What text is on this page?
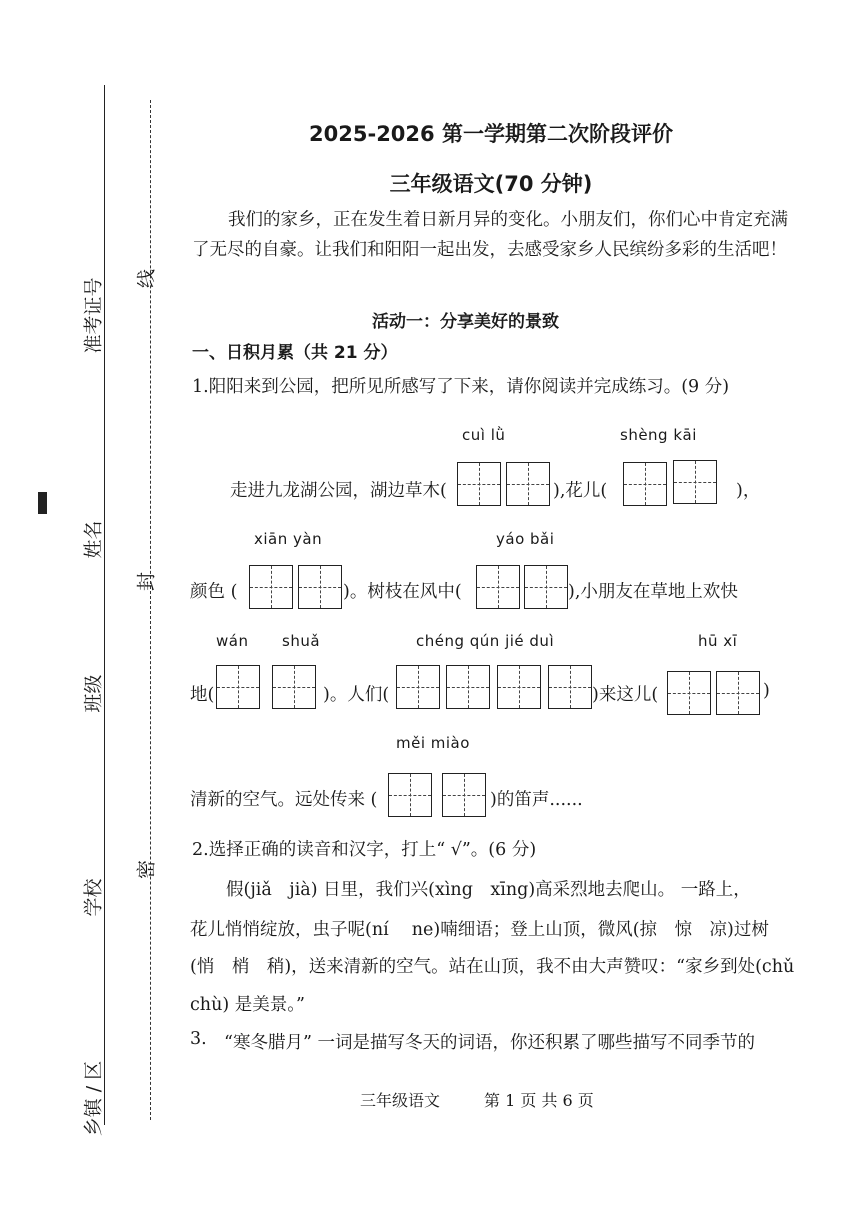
准考证号
姓名
班级
学校
乡镇 / 区
线
封
密
2025-2026 第一学期第二次阶段评价
三年级语文(70 分钟)
我们的家乡，正在发生着日新月异的变化。小朋友们，你们心中肯定充满了无尽的自豪。让我们和阳阳一起出发，去感受家乡人民缤纷多彩的生活吧！
活动一：分享美好的景致
一、日积月累（共 21 分）
1.阳阳来到公园，把所见所感写了下来，请你阅读并完成练习。(9 分)
cuì lǜ	shèng kāi
走进九龙湖公园，湖边草木(	),花儿(	)，
xiān yàn	yáo bǎi
颜色 (	)。树枝在风中(	),小朋友在草地上欢快
wán shuǎ	chéng qún jié duì	hū xī
地(	)。人们(	)来这儿(	)
měi miào
清新的空气。远处传来 (	)的笛声......
2.选择正确的读音和汉字，打上“ √”。(6 分)
假(jiǎ　jià) 日里，我们兴(xìng　xīng)高采烈地去爬山。 一路上，
花儿悄悄绽放，虫子呢(ní　 ne)喃细语；登上山顶，微风(掠　惊　凉)过树
(悄　梢　稍)，送来清新的空气。站在山顶，我不由大声赞叹：“家乡到处(chǔ
chù) 是美景。”
3. “寒冬腊月” 一词是描写冬天的词语，你还积累了哪些描写不同季节的
三年级语文	第 1 页 共 6 页
